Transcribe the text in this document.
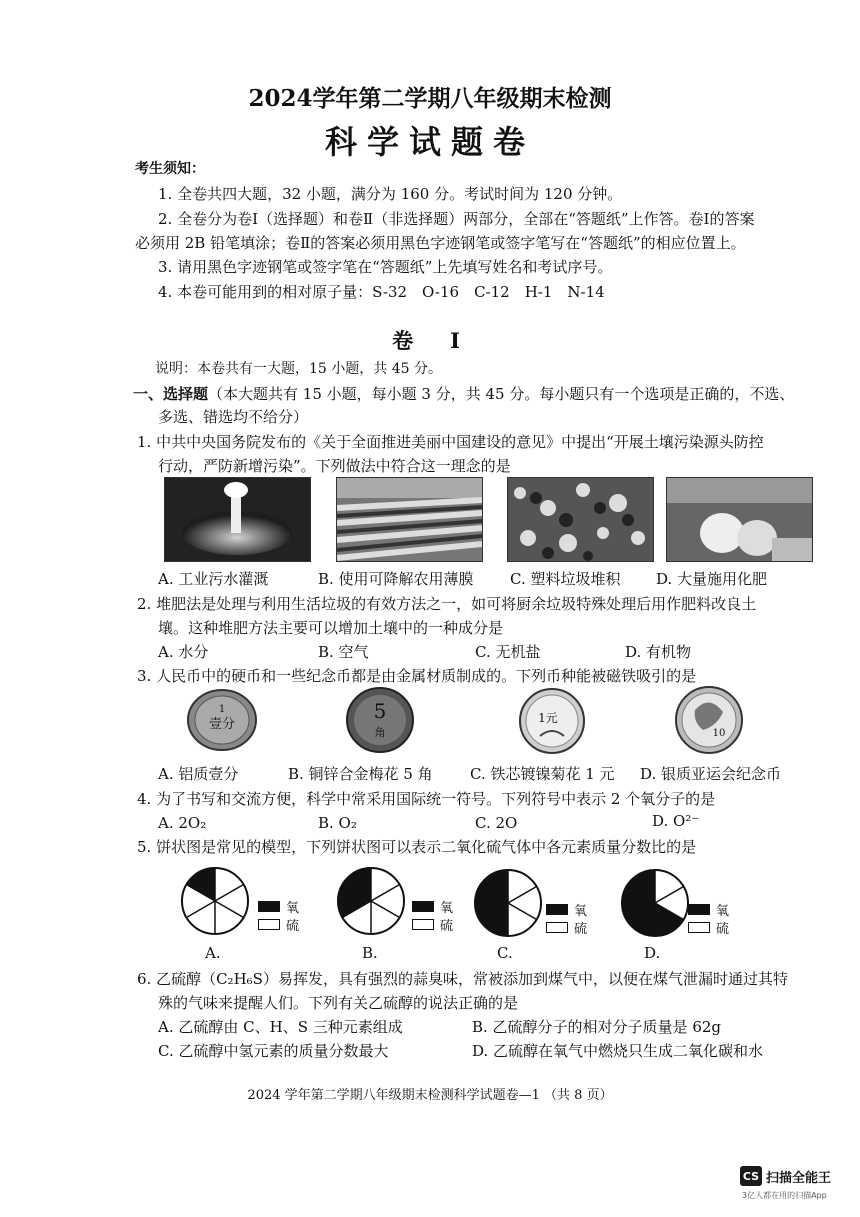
2024学年第二学期八年级期末检测
科学试题卷
考生须知：
1. 全卷共四大题，32 小题，满分为 160 分。考试时间为 120 分钟。
2. 全卷分为卷Ⅰ（选择题）和卷Ⅱ（非选择题）两部分，全部在“答题纸”上作答。卷Ⅰ的答案
必须用 2B 铅笔填涂；卷Ⅱ的答案必须用黑色字迹钢笔或签字笔写在“答题纸”的相应位置上。
3. 请用黑色字迹钢笔或签字笔在“答题纸”上先填写姓名和考试序号。
4. 本卷可能用到的相对原子量：S-32　O-16　C-12　H-1　N-14
卷　Ⅰ
说明：本卷共有一大题，15 小题，共 45 分。
一、选择题（本大题共有 15 小题，每小题 3 分，共 45 分。每小题只有一个选项是正确的，不选、
多选、错选均不给分）
1. 中共中央国务院发布的《关于全面推进美丽中国建设的意见》中提出“开展土壤污染源头防控
行动，严防新增污染”。下列做法中符合这一理念的是
A. 工业污水灌溉	B. 使用可降解农用薄膜 C. 塑料垃圾堆积 D. 大量施用化肥
2. 堆肥法是处理与利用生活垃圾的有效方法之一，如可将厨余垃圾特殊处理后用作肥料改良土
壤。这种堆肥方法主要可以增加土壤中的一种成分是
A. 水分	B. 空气	C. 无机盐	D. 有机物
3. 人民币中的硬币和一些纪念币都是由金属材质制成的。下列币种能被磁铁吸引的是
1
壹分
5
角
1元
10
A. 铝质壹分	B. 铜锌合金梅花 5 角 C. 铁芯镀镍菊花 1 元 D. 银质亚运会纪念币
4. 为了书写和交流方便，科学中常采用国际统一符号。下列符号中表示 2 个氧分子的是
A. 2O₂	B. O₂	C. 2O	D. O²⁻
5. 饼状图是常见的模型，下列饼状图可以表示二氧化硫气体中各元素质量分数比的是
氧
硫
氧
硫
氧
硫
氧
硫
A.	B.	C.	D.
6. 乙硫醇（C₂H₆S）易挥发，具有强烈的蒜臭味，常被添加到煤气中，以便在煤气泄漏时通过其特
殊的气味来提醒人们。下列有关乙硫醇的说法正确的是
A. 乙硫醇由 C、H、S 三种元素组成	B. 乙硫醇分子的相对分子质量是 62g
C. 乙硫醇中氢元素的质量分数最大	D. 乙硫醇在氧气中燃烧只生成二氧化碳和水
2024 学年第二学期八年级期末检测科学试题卷—1 （共 8 页）
CS 扫描全能王
3亿人都在用的扫描App
